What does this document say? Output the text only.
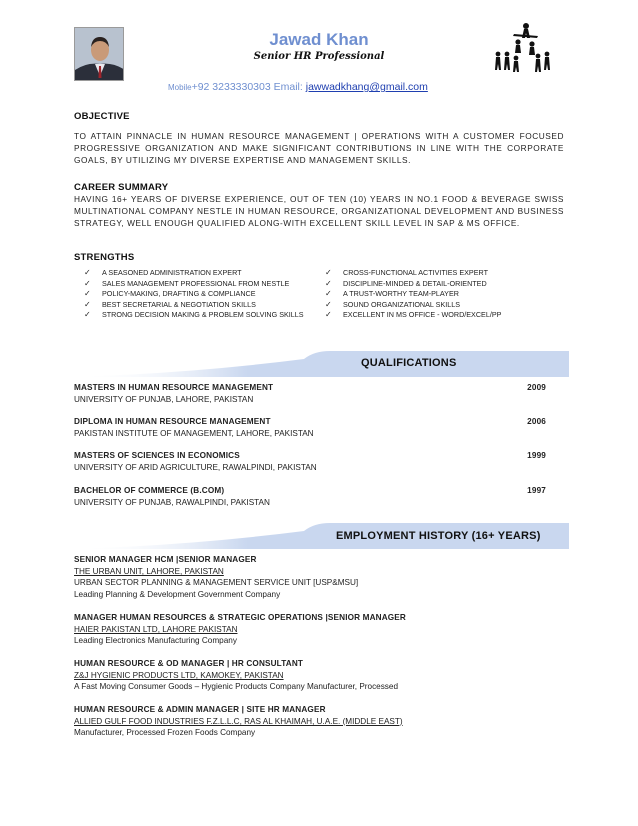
Jawad Khan
Senior HR Professional
Mobile+92 3233330303 Email: jawwadkhang@gmail.com
OBJECTIVE
TO ATTAIN PINNACLE IN HUMAN RESOURCE MANAGEMENT | OPERATIONS WITH A CUSTOMER FOCUSED PROGRESSIVE ORGANIZATION AND MAKE SIGNIFICANT CONTRIBUTIONS IN LINE WITH THE CORPORATE GOALS, BY UTILIZING MY DIVERSE EXPERTISE AND MANAGEMENT SKILLS.
CAREER SUMMARY
HAVING 16+ YEARS OF DIVERSE EXPERIENCE, OUT OF TEN (10) YEARS IN NO.1 FOOD & BEVERAGE SWISS MULTINATIONAL COMPANY NESTLE IN HUMAN RESOURCE, ORGANIZATIONAL DEVELOPMENT AND BUSINESS STRATEGY, WELL ENOUGH QUALIFIED ALONG-WITH EXCELLENT SKILL LEVEL IN SAP & MS OFFICE.
STRENGTHS
✓	A SEASONED ADMINISTRATION EXPERT
✓	SALES MANAGEMENT PROFESSIONAL FROM NESTLE
✓	POLICY-MAKING, DRAFTING & COMPLIANCE
✓	BEST SECRETARIAL & NEGOTIATION SKILLS
✓	STRONG DECISION MAKING & PROBLEM SOLVING SKILLS
✓	CROSS-FUNCTIONAL ACTIVITIES EXPERT
✓	DISCIPLINE-MINDED & DETAIL-ORIENTED
✓	A TRUST-WORTHY TEAM-PLAYER
✓	SOUND ORGANIZATIONAL SKILLS
✓	EXCELLENT IN MS OFFICE - WORD/EXCEL/PP
QUALIFICATIONS
MASTERS IN HUMAN RESOURCE MANAGEMENT	2009
UNIVERSITY OF PUNJAB, LAHORE, PAKISTAN
DIPLOMA IN HUMAN RESOURCE MANAGEMENT	2006
PAKISTAN INSTITUTE OF MANAGEMENT, LAHORE, PAKISTAN
MASTERS OF SCIENCES IN ECONOMICS	1999
UNIVERSITY OF ARID AGRICULTURE, RAWALPINDI, PAKISTAN
BACHELOR OF COMMERCE (B.COM)	1997
UNIVERSITY OF PUNJAB, RAWALPINDI, PAKISTAN
EMPLOYMENT HISTORY (16+ YEARS)
SENIOR MANAGER HCM |SENIOR MANAGER
THE URBAN UNIT, LAHORE, PAKISTAN
URBAN SECTOR PLANNING & MANAGEMENT SERVICE UNIT [USP&MSU]
Leading Planning & Development Government Company
MANAGER HUMAN RESOURCES & STRATEGIC OPERATIONS |SENIOR MANAGER
HAIER PAKISTAN LTD, LAHORE PAKISTAN
Leading Electronics Manufacturing Company
HUMAN RESOURCE & OD MANAGER | HR CONSULTANT
Z&J HYGIENIC PRODUCTS LTD, KAMOKEY, PAKISTAN
A Fast Moving Consumer Goods – Hygienic Products Company Manufacturer, Processed
HUMAN RESOURCE & ADMIN MANAGER | SITE HR MANAGER
ALLIED GULF FOOD INDUSTRIES F.Z.L.L.C, RAS AL KHAIMAH, U.A.E. (MIDDLE EAST)
Manufacturer, Processed Frozen Foods Company
